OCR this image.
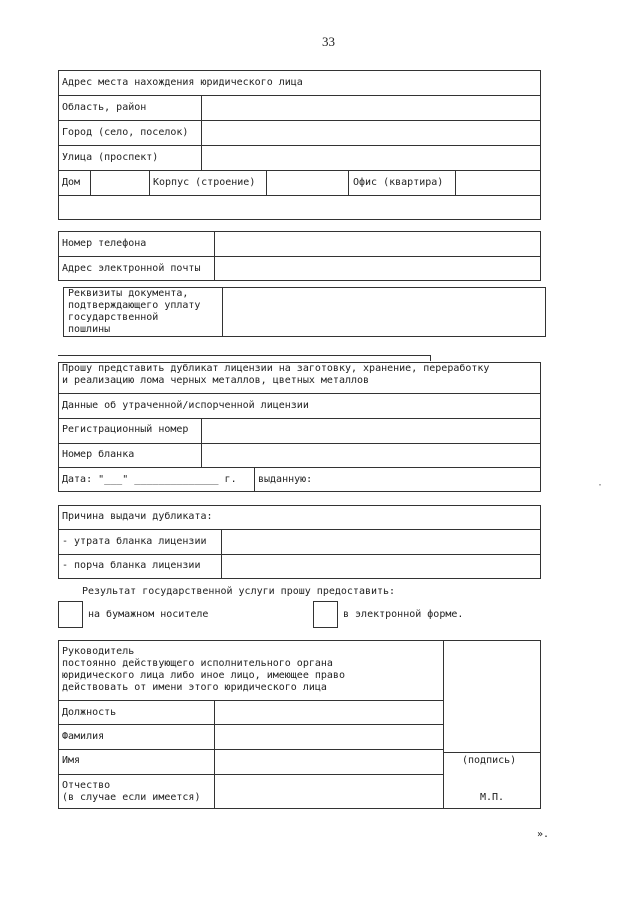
33
Адрес места нахождения юридического лица
Область, район
Город (село, поселок)
Улица (проспект)
Дом	Корпус (строение)	Офис (квартира)
Номер телефона
Адрес электронной почты
Реквизиты документа,
подтверждающего уплату
государственной
пошлины
Прошу представить дубликат лицензии на заготовку, хранение, переработку
и реализацию лома черных металлов, цветных металлов
Данные об утраченной/испорченной лицензии
Регистрационный номер
Номер бланка
Дата: "___" ______________ г. выданную:
Причина выдачи дубликата:
- утрата бланка лицензии
- порча бланка лицензии
Результат государственной услуги прошу предоставить:
на бумажном носителе	в электронной форме.
Руководитель
постоянно действующего исполнительного органа
юридического лица либо иное лицо, имеющее право
действовать от имени этого юридического лица
Должность
Фамилия
Имя
Отчество
(в случае если имеется)
(подпись)
М.П.
».
·
